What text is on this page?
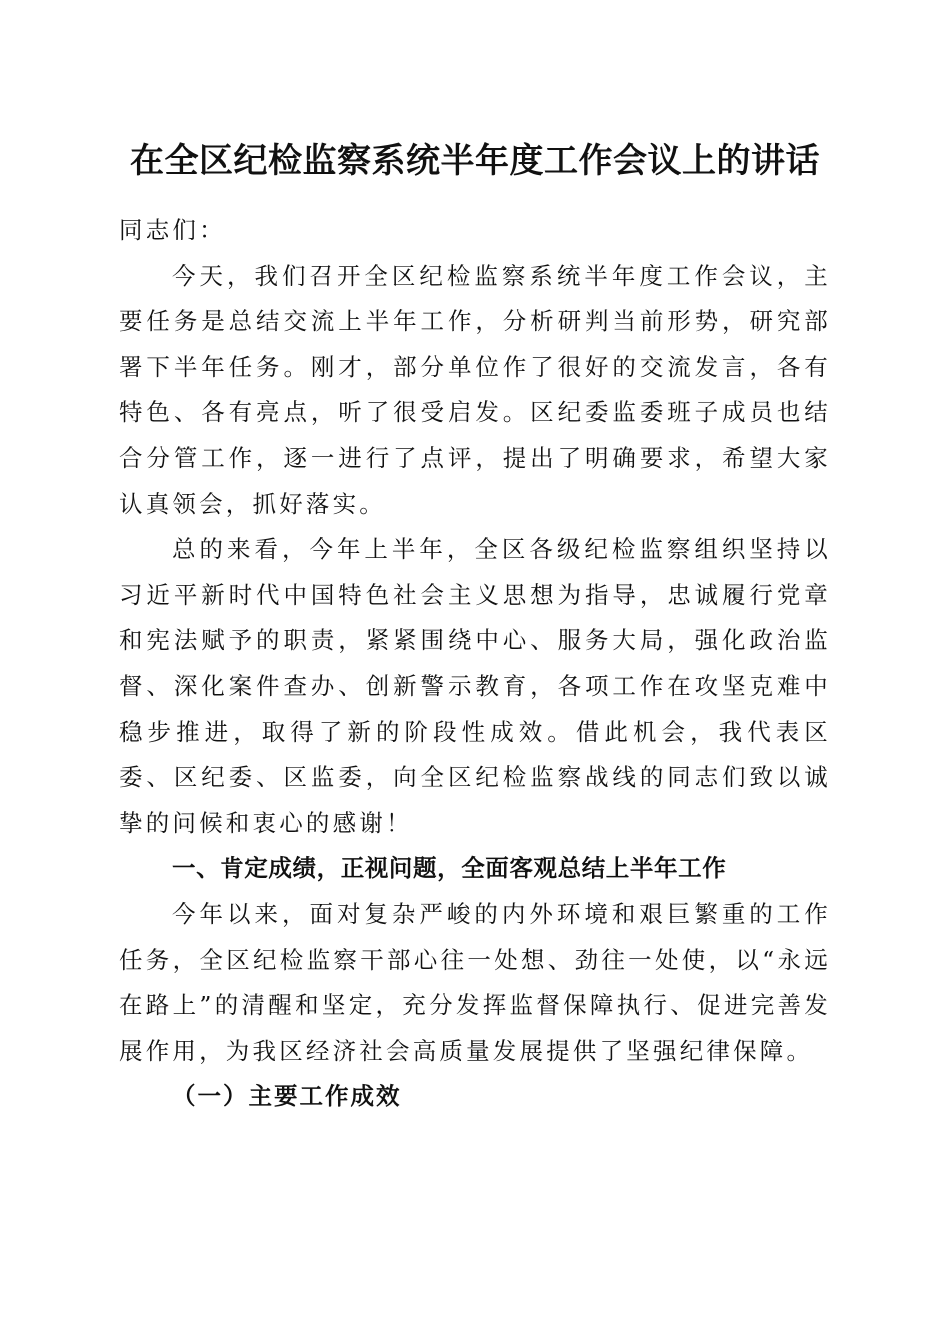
在全区纪检监察系统半年度工作会议上的讲话

同志们：

今天，我们召开全区纪检监察系统半年度工作会议，主要任务是总结交流上半年工作，分析研判当前形势，研究部署下半年任务。刚才，部分单位作了很好的交流发言，各有特色、各有亮点，听了很受启发。区纪委监委班子成员也结合分管工作，逐一进行了点评，提出了明确要求，希望大家认真领会，抓好落实。

总的来看，今年上半年，全区各级纪检监察组织坚持以习近平新时代中国特色社会主义思想为指导，忠诚履行党章和宪法赋予的职责，紧紧围绕中心、服务大局，强化政治监督、深化案件查办、创新警示教育，各项工作在攻坚克难中稳步推进，取得了新的阶段性成效。借此机会，我代表区委、区纪委、区监委，向全区纪检监察战线的同志们致以诚挚的问候和衷心的感谢！

一、肯定成绩，正视问题，全面客观总结上半年工作

今年以来，面对复杂严峻的内外环境和艰巨繁重的工作任务，全区纪检监察干部心往一处想、劲往一处使，以“永远在路上”的清醒和坚定，充分发挥监督保障执行、促进完善发展作用，为我区经济社会高质量发展提供了坚强纪律保障。

（一）主要工作成效
